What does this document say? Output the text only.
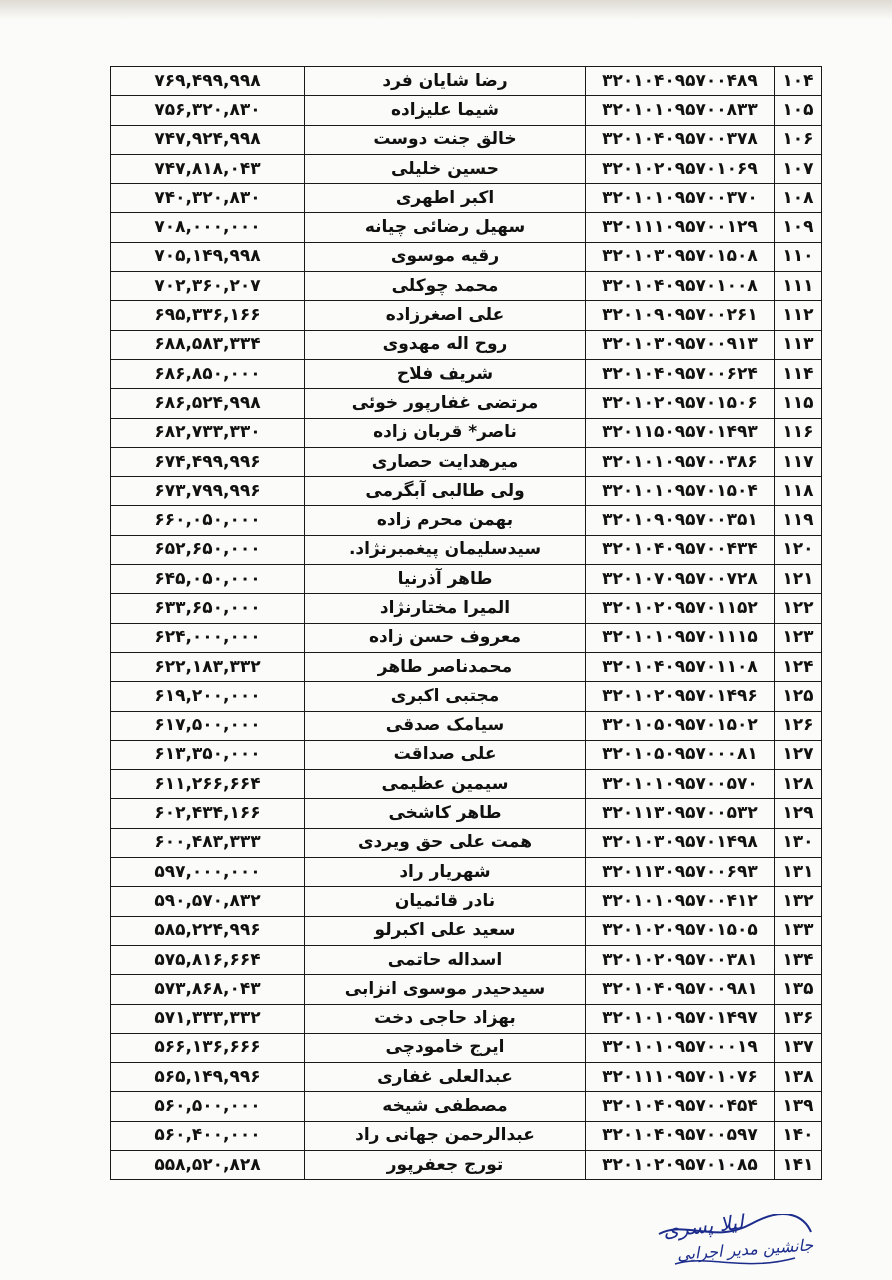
۱۰۴	۳۲۰۱۰۴۰۹۵۷۰۰۴۸۹	رضا شایان فرد	۷۶۹,۴۹۹,۹۹۸
۱۰۵	۳۲۰۱۰۱۰۹۵۷۰۰۸۳۳	شیما علیزاده	۷۵۶,۳۲۰,۸۳۰
۱۰۶	۳۲۰۱۰۴۰۹۵۷۰۰۳۷۸	خالق جنت دوست	۷۴۷,۹۲۴,۹۹۸
۱۰۷	۳۲۰۱۰۲۰۹۵۷۰۱۰۶۹	حسین خلیلی	۷۴۷,۸۱۸,۰۴۳
۱۰۸	۳۲۰۱۰۱۰۹۵۷۰۰۳۷۰	اکبر اطهری	۷۴۰,۳۲۰,۸۳۰
۱۰۹	۳۲۰۱۱۱۰۹۵۷۰۰۱۲۹	سهیل رضائی چیانه	۷۰۸,۰۰۰,۰۰۰
۱۱۰	۳۲۰۱۰۳۰۹۵۷۰۱۵۰۸	رقیه موسوی	۷۰۵,۱۴۹,۹۹۸
۱۱۱	۳۲۰۱۰۴۰۹۵۷۰۱۰۰۸	محمد چوکلی	۷۰۲,۳۶۰,۲۰۷
۱۱۲	۳۲۰۱۰۹۰۹۵۷۰۰۲۶۱	علی اصغرزاده	۶۹۵,۳۳۶,۱۶۶
۱۱۳	۳۲۰۱۰۳۰۹۵۷۰۰۹۱۳	روح اله مهدوی	۶۸۸,۵۸۳,۳۳۴
۱۱۴	۳۲۰۱۰۴۰۹۵۷۰۰۶۲۴	شریف فلاح	۶۸۶,۸۵۰,۰۰۰
۱۱۵	۳۲۰۱۰۲۰۹۵۷۰۱۵۰۶	مرتضی غفارپور خوئی	۶۸۶,۵۲۴,۹۹۸
۱۱۶	۳۲۰۱۱۵۰۹۵۷۰۱۴۹۳	ناصر* قربان زاده	۶۸۲,۷۳۳,۳۳۰
۱۱۷	۳۲۰۱۰۱۰۹۵۷۰۰۳۸۶	میرهدایت حصاری	۶۷۴,۴۹۹,۹۹۶
۱۱۸	۳۲۰۱۰۱۰۹۵۷۰۱۵۰۴	ولی طالبی آبگرمی	۶۷۳,۷۹۹,۹۹۶
۱۱۹	۳۲۰۱۰۹۰۹۵۷۰۰۳۵۱	بهمن محرم زاده	۶۶۰,۰۵۰,۰۰۰
۱۲۰	۳۲۰۱۰۴۰۹۵۷۰۰۴۳۴	سیدسلیمان پیغمبرنژاد.	۶۵۲,۶۵۰,۰۰۰
۱۲۱	۳۲۰۱۰۷۰۹۵۷۰۰۷۲۸	طاهر آذرنیا	۶۴۵,۰۵۰,۰۰۰
۱۲۲	۳۲۰۱۰۲۰۹۵۷۰۱۱۵۲	المیرا مختارنژاد	۶۳۳,۶۵۰,۰۰۰
۱۲۳	۳۲۰۱۰۱۰۹۵۷۰۱۱۱۵	معروف حسن زاده	۶۲۴,۰۰۰,۰۰۰
۱۲۴	۳۲۰۱۰۴۰۹۵۷۰۱۱۰۸	محمدناصر طاهر	۶۲۲,۱۸۳,۳۳۲
۱۲۵	۳۲۰۱۰۲۰۹۵۷۰۱۴۹۶	مجتبی اکبری	۶۱۹,۲۰۰,۰۰۰
۱۲۶	۳۲۰۱۰۵۰۹۵۷۰۱۵۰۲	سیامک صدقی	۶۱۷,۵۰۰,۰۰۰
۱۲۷	۳۲۰۱۰۵۰۹۵۷۰۰۰۸۱	علی صداقت	۶۱۳,۳۵۰,۰۰۰
۱۲۸	۳۲۰۱۰۱۰۹۵۷۰۰۵۷۰	سیمین عظیمی	۶۱۱,۲۶۶,۶۶۴
۱۲۹	۳۲۰۱۱۳۰۹۵۷۰۰۵۳۲	طاهر کاشخی	۶۰۲,۴۳۴,۱۶۶
۱۳۰	۳۲۰۱۰۳۰۹۵۷۰۱۴۹۸	همت علی حق ویردی	۶۰۰,۴۸۳,۳۳۳
۱۳۱	۳۲۰۱۱۳۰۹۵۷۰۰۶۹۳	شهریار راد	۵۹۷,۰۰۰,۰۰۰
۱۳۲	۳۲۰۱۰۱۰۹۵۷۰۰۴۱۲	نادر قائمیان	۵۹۰,۵۷۰,۸۳۲
۱۳۳	۳۲۰۱۰۲۰۹۵۷۰۱۵۰۵	سعید علی اکبرلو	۵۸۵,۲۲۴,۹۹۶
۱۳۴	۳۲۰۱۰۲۰۹۵۷۰۰۳۸۱	اسداله حاتمی	۵۷۵,۸۱۶,۶۶۴
۱۳۵	۳۲۰۱۰۴۰۹۵۷۰۰۹۸۱	سیدحیدر موسوی انزابی	۵۷۳,۸۶۸,۰۴۳
۱۳۶	۳۲۰۱۰۱۰۹۵۷۰۱۴۹۷	بهزاد حاجی دخت	۵۷۱,۳۳۳,۳۳۲
۱۳۷	۳۲۰۱۰۱۰۹۵۷۰۰۰۱۹	ایرج خامودچی	۵۶۶,۱۳۶,۶۶۶
۱۳۸	۳۲۰۱۱۱۰۹۵۷۰۱۰۷۶	عبدالعلی غفاری	۵۶۵,۱۴۹,۹۹۶
۱۳۹	۳۲۰۱۰۴۰۹۵۷۰۰۴۵۴	مصطفی شیخه	۵۶۰,۵۰۰,۰۰۰
۱۴۰	۳۲۰۱۰۴۰۹۵۷۰۰۵۹۷	عبدالرحمن جهانی راد	۵۶۰,۴۰۰,۰۰۰
۱۴۱	۳۲۰۱۰۲۰۹۵۷۰۱۰۸۵	تورج جعفرپور	۵۵۸,۵۲۰,۸۲۸
لیلا پسری
جانشین مدیر اجرایی
